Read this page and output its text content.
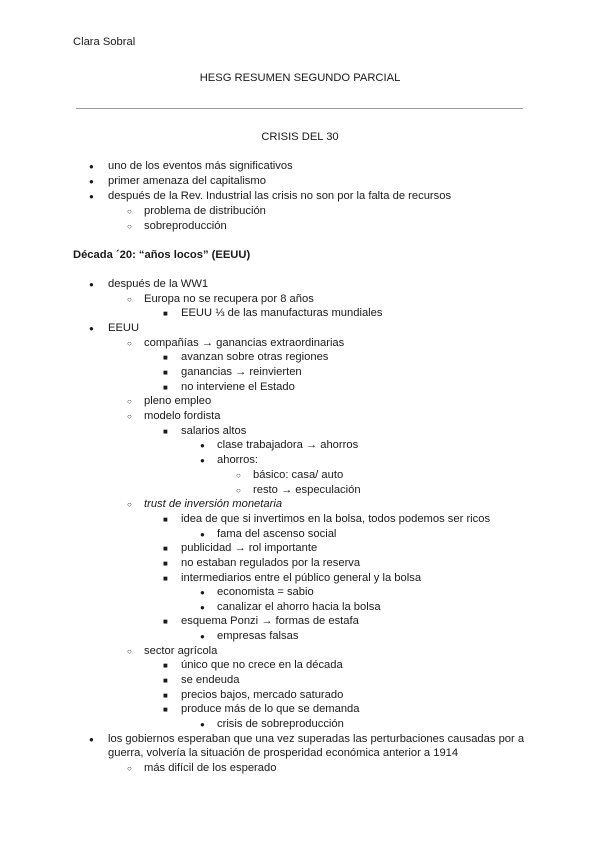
Clara Sobral
HESG RESUMEN SEGUNDO PARCIAL
CRISIS DEL 30
● uno de los eventos más significativos
● primer amenaza del capitalismo
● después de la Rev. Industrial las crisis no son por la falta de recursos
○ problema de distribución
○ sobreproducción
Década ´20: “años locos” (EEUU)
● después de la WW1
○ Europa no se recupera por 8 años
■ EEUU ⅓ de las manufacturas mundiales
● EEUU
○ compañías → ganancias extraordinarias
■ avanzan sobre otras regiones
■ ganancias → reinvierten
■ no interviene el Estado
○ pleno empleo
○ modelo fordista
■ salarios altos
● clase trabajadora → ahorros
● ahorros:
○ básico: casa/ auto
○ resto → especulación
○ trust de inversión monetaria
■ idea de que si invertimos en la bolsa, todos podemos ser ricos
● fama del ascenso social
■ publicidad → rol importante
■ no estaban regulados por la reserva
■ intermediarios entre el público general y la bolsa
● economista = sabio
● canalizar el ahorro hacia la bolsa
■ esquema Ponzi → formas de estafa
● empresas falsas
○ sector agrícola
■ único que no crece en la década
■ se endeuda
■ precios bajos, mercado saturado
■ produce más de lo que se demanda
● crisis de sobreproducción
● los gobiernos esperaban que una vez superadas las perturbaciones causadas por a
guerra, volvería la situación de prosperidad económica anterior a 1914
○ más difícil de los esperado
